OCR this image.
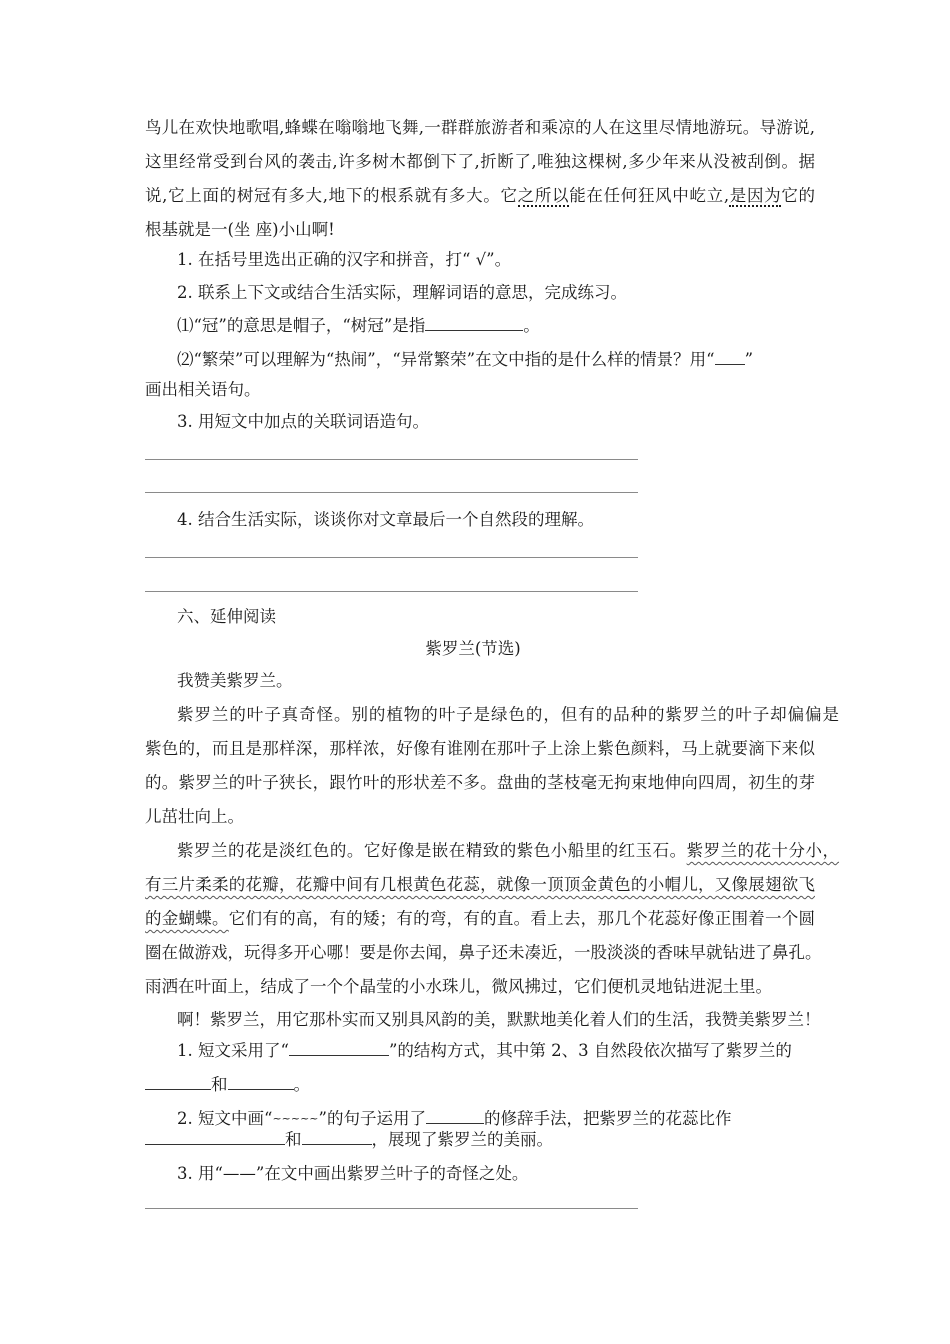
鸟儿在欢快地歌唱,蜂蝶在嗡嗡地飞舞,一群群旅游者和乘凉的人在这里尽情地游玩。导游说,
这里经常受到台风的袭击,许多树木都倒下了,折断了,唯独这棵树,多少年来从没被刮倒。据
说,它上面的树冠有多大,地下的根系就有多大。它之所以能在任何狂风中屹立,是因为它的
根基就是一(坐 座)小山啊!
1. 在括号里选出正确的汉字和拼音，打“ √”。
2. 联系上下文或结合生活实际，理解词语的意思，完成练习。
⑴“冠”的意思是帽子，“树冠”是指	。
⑵“繁荣”可以理解为“热闹”，“异常繁荣”在文中指的是什么样的情景？用“ ”
画出相关语句。
3. 用短文中加点的关联词语造句。
4. 结合生活实际，谈谈你对文章最后一个自然段的理解。
六、延伸阅读
紫罗兰(节选)
我赞美紫罗兰。
紫罗兰的叶子真奇怪。别的植物的叶子是绿色的，但有的品种的紫罗兰的叶子却偏偏是
紫色的，而且是那样深，那样浓，好像有谁刚在那叶子上涂上紫色颜料，马上就要滴下来似
的。紫罗兰的叶子狭长，跟竹叶的形状差不多。盘曲的茎枝毫无拘束地伸向四周，初生的芽
儿茁壮向上。
紫罗兰的花是淡红色的。它好像是嵌在精致的紫色小船里的红玉石。紫罗兰的花十分小，
有三片柔柔的花瓣，花瓣中间有几根黄色花蕊，就像一顶顶金黄色的小帽儿，又像展翅欲飞
的金蝴蝶。它们有的高，有的矮；有的弯，有的直。看上去，那几个花蕊好像正围着一个圆
圈在做游戏，玩得多开心哪！要是你去闻，鼻子还未凑近，一股淡淡的香味早就钻进了鼻孔。
雨洒在叶面上，结成了一个个晶莹的小水珠儿，微风拂过，它们便机灵地钻进泥土里。
啊！紫罗兰，用它那朴实而又别具风韵的美，默默地美化着人们的生活，我赞美紫罗兰！
1. 短文采用了“	”的结构方式，其中第 2、3 自然段依次描写了紫罗兰的
和	。
2. 短文中画“~~~~~”的句子运用了	的修辞手法，把紫罗兰的花蕊比作
和	，展现了紫罗兰的美丽。
3. 用“——”在文中画出紫罗兰叶子的奇怪之处。
